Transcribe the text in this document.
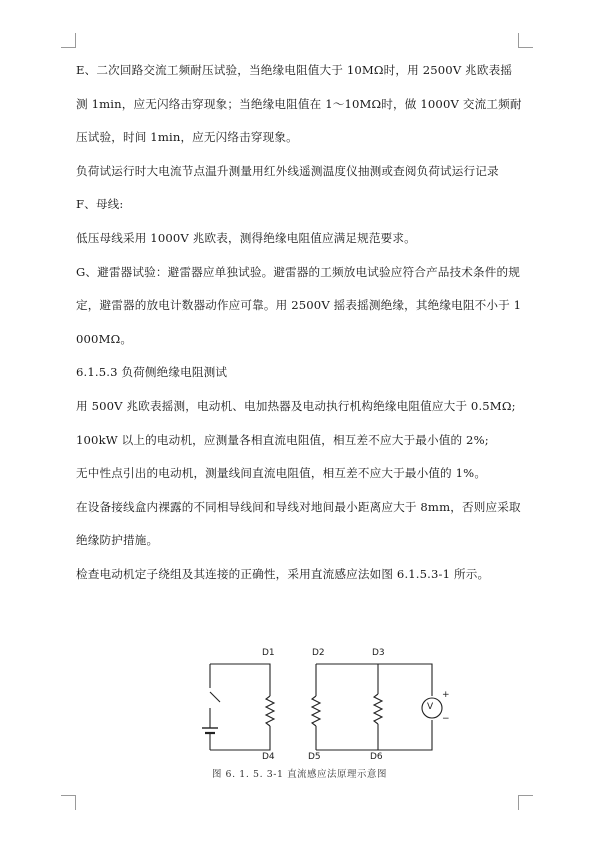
E、二次回路交流工频耐压试验，当绝缘电阻值大于 10MΩ时，用 2500V 兆欧表摇测 1min，应无闪络击穿现象；当绝缘电阻值在 1～10MΩ时，做 1000V 交流工频耐压试验，时间 1min，应无闪络击穿现象。

负荷试运行时大电流节点温升测量用红外线遥测温度仪抽测或查阅负荷试运行记录

F、母线:

低压母线采用 1000V 兆欧表，测得绝缘电阻值应满足规范要求。

G、避雷器试验：避雷器应单独试验。避雷器的工频放电试验应符合产品技术条件的规定，避雷器的放电计数器动作应可靠。用 2500V 摇表摇测绝缘，其绝缘电阻不小于 1000MΩ。

6.1.5.3 负荷侧绝缘电阻测试

用 500V 兆欧表摇测，电动机、电加热器及电动执行机构绝缘电阻值应大于 0.5MΩ;

100kW 以上的电动机，应测量各相直流电阻值，相互差不应大于最小值的 2%;

无中性点引出的电动机，测量线间直流电阻值，相互差不应大于最小值的 1%。

在设备接线盒内裸露的不同相导线间和导线对地间最小距离应大于 8mm，否则应采取绝缘防护措施。

检查电动机定子绕组及其连接的正确性，采用直流感应法如图 6.1.5.3-1 所示。

D1	D2	D3
D4	D5	D6
V
+
−
图 6. 1. 5. 3-1 直流感应法原理示意图
